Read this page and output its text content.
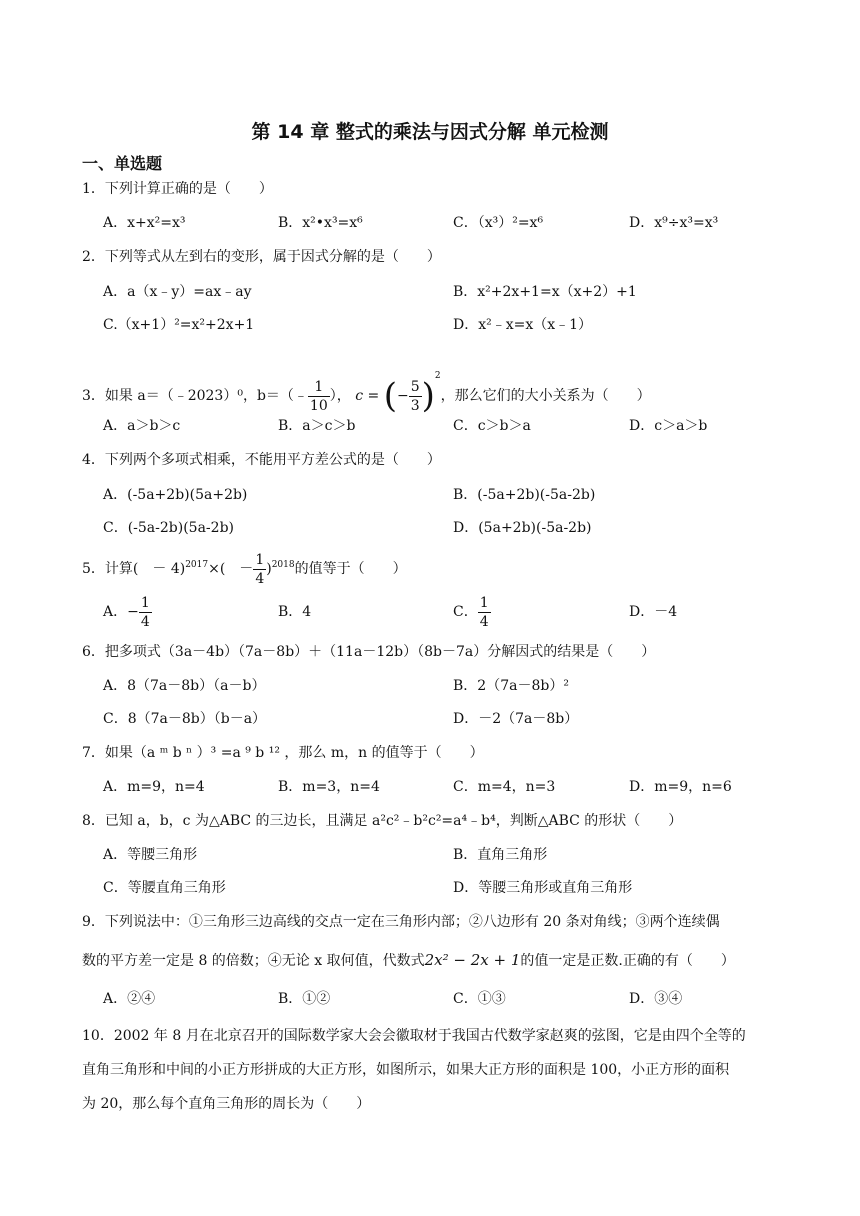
第 14 章 整式的乘法与因式分解 单元检测
一、单选题
1．下列计算正确的是（　　）
A．x+x²=x³	B．x²•x³=x⁶	C．（x³）²=x⁶	D．x⁹÷x³=x³
2．下列等式从左到右的变形，属于因式分解的是（　　）
A．a（x﹣y）=ax﹣ay	B．x²+2x+1=x（x+2）+1
C.（x+1）²=x²+2x+1	D．x²﹣x=x（x﹣1）
3．如果 a＝（﹣2023）⁰，b＝（﹣ $\frac{1}{10}$ ）， c = (− $\frac{5}{3} )^2$，那么它们的大小关系为（　　）
A．a＞b＞c	B．a＞c＞b	C．c＞b＞a	D．c＞a＞b
4．下列两个多项式相乘，不能用平方差公式的是（　　）
A．(-5a+2b)(5a+2b)	B．(-5a+2b)(-5a-2b)
C．(-5a-2b)(5a-2b)	D．(5a+2b)(-5a-2b)
5．计算(　－ 4)$^{2017}$×(　－ $\frac{1}{4} )^{2018}$的值等于（　　）
A．− $\frac{1}{4}$	B．4	C． $\frac{1}{4}$	D．－4
6．把多项式（3a－4b）（7a－8b）＋（11a－12b）（8b－7a）分解因式的结果是（　　）
A．8（7a－8b）（a－b）	B．2（7a－8b）²
C．8（7a－8b）（b－a）	D．－2（7a－8b）
7．如果（a ᵐ b ⁿ ）³ =a ⁹ b ¹² ，那么 m，n 的值等于（　　）
A．m=9，n=4	B．m=3，n=4	C．m=4，n=3	D．m=9，n=6
8．已知 a，b，c 为△ABC 的三边长，且满足 a²c²﹣b²c²=a⁴﹣b⁴，判断△ABC 的形状（　　）
A．等腰三角形	B．直角三角形
C．等腰直角三角形	D．等腰三角形或直角三角形
9．下列说法中：①三角形三边高线的交点一定在三角形内部；②八边形有 20 条对角线；③两个连续偶
数的平方差一定是 8 的倍数；④无论 x 取何值，代数式2x² − 2x + 1的值一定是正数.正确的有（　　）
A．②④	B．①②	C．①③	D．③④
10．2002 年 8 月在北京召开的国际数学家大会会徽取材于我国古代数学家赵爽的弦图，它是由四个全等的
直角三角形和中间的小正方形拼成的大正方形，如图所示，如果大正方形的面积是 100，小正方形的面积
为 20，那么每个直角三角形的周长为（　　）
